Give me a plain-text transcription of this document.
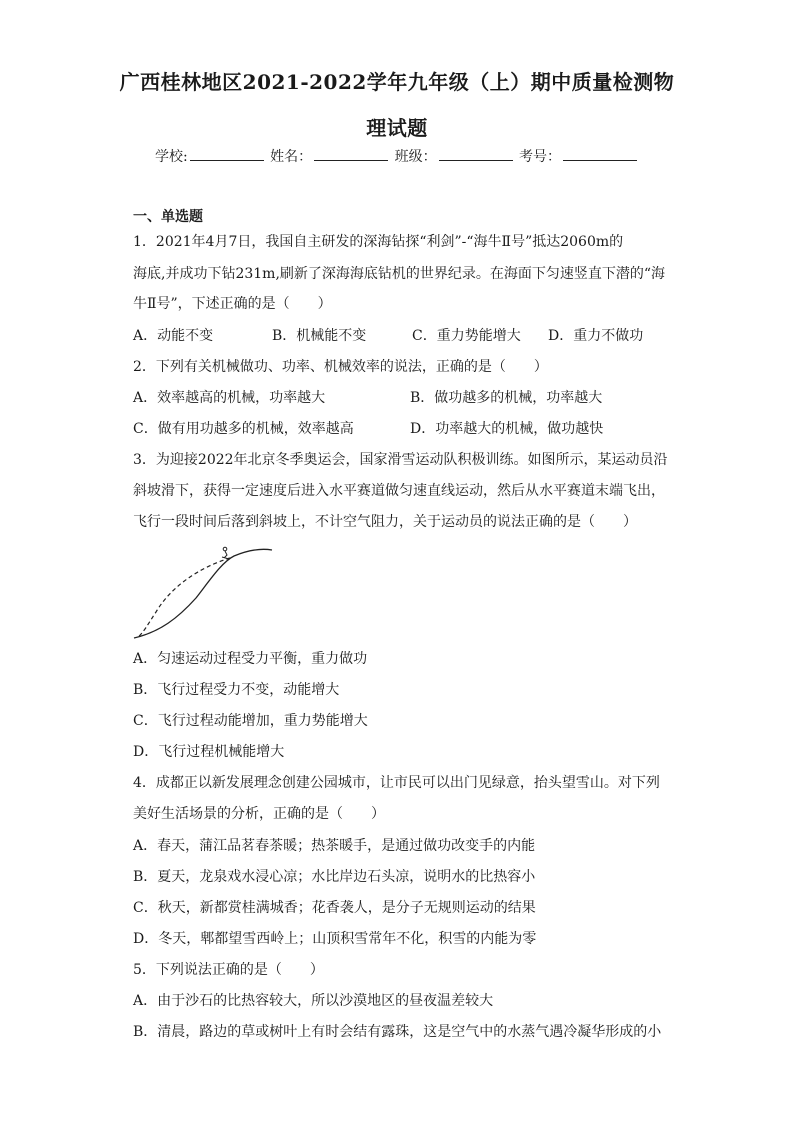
广西桂林地区2021-2022学年九年级（上）期中质量检测物
理试题
学校:	姓名：	班级：	考号：
一、单选题
1．2021年4月7日，我国自主研发的深海钻探“利剑”-“海牛Ⅱ号”抵达2060m的
海底,并成功下钻231m,刷新了深海海底钻机的世界纪录。在海面下匀速竖直下潜的“海
牛Ⅱ号”，下述正确的是（　　）
A．动能不变	B．机械能不变	C．重力势能增大 D．重力不做功
2．下列有关机械做功、功率、机械效率的说法，正确的是（　　）
A．效率越高的机械，功率越大	B．做功越多的机械，功率越大
C．做有用功越多的机械，效率越高	D．功率越大的机械，做功越快
3．为迎接2022年北京冬季奥运会，国家滑雪运动队积极训练。如图所示，某运动员沿
斜坡滑下，获得一定速度后进入水平赛道做匀速直线运动，然后从水平赛道末端飞出，
飞行一段时间后落到斜坡上，不计空气阻力，关于运动员的说法正确的是（　　）
A．匀速运动过程受力平衡，重力做功
B．飞行过程受力不变，动能增大
C．飞行过程动能增加，重力势能增大
D．飞行过程机械能增大
4．成都正以新发展理念创建公园城市，让市民可以出门见绿意，抬头望雪山。对下列
美好生活场景的分析，正确的是（　　）
A．春天，蒲江品茗春茶暖；热茶暖手，是通过做功改变手的内能
B．夏天，龙泉戏水浸心凉；水比岸边石头凉，说明水的比热容小
C．秋天，新都赏桂满城香；花香袭人，是分子无规则运动的结果
D．冬天，郫都望雪西岭上；山顶积雪常年不化，积雪的内能为零
5．下列说法正确的是（　　）
A．由于沙石的比热容较大，所以沙漠地区的昼夜温差较大
B．清晨，路边的草或树叶上有时会结有露珠，这是空气中的水蒸气遇冷凝华形成的小
